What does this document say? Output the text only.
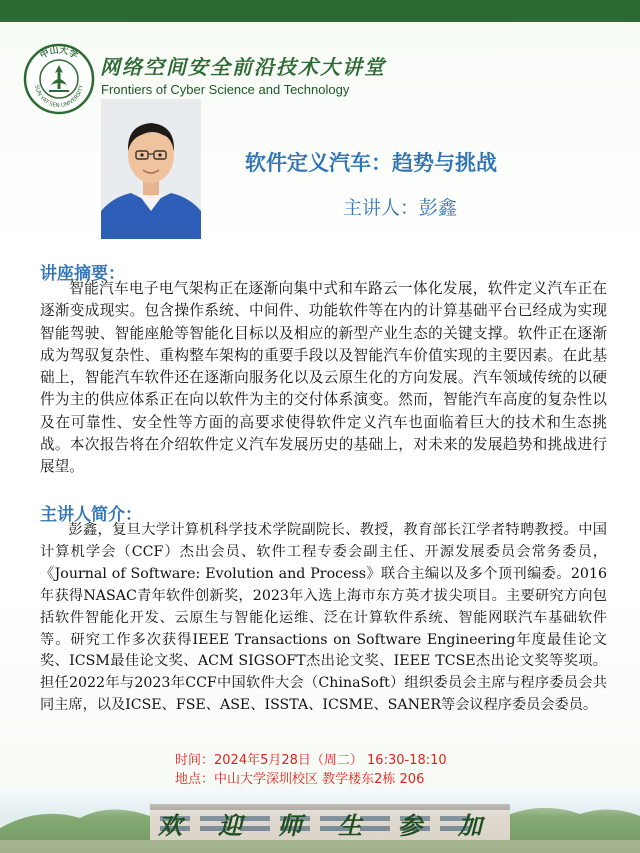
中山大学
SUN YAT-SEN UNIVERSITY
网络空间安全前沿技术大讲堂
Frontiers of Cyber Science and Technology
软件定义汽车：趋势与挑战
主讲人：彭鑫
讲座摘要：
智能汽车电子电气架构正在逐渐向集中式和车路云一体化发展，软件定义汽车正在逐渐变成现实。包含操作系统、中间件、功能软件等在内的计算基础平台已经成为实现智能驾驶、智能座舱等智能化目标以及相应的新型产业生态的关键支撑。软件正在逐渐成为驾驭复杂性、重构整车架构的重要手段以及智能汽车价值实现的主要因素。在此基础上，智能汽车软件还在逐渐向服务化以及云原生化的方向发展。汽车领域传统的以硬件为主的供应体系正在向以软件为主的交付体系演变。然而，智能汽车高度的复杂性以及在可靠性、安全性等方面的高要求使得软件定义汽车也面临着巨大的技术和生态挑战。本次报告将在介绍软件定义汽车发展历史的基础上，对未来的发展趋势和挑战进行展望。
主讲人简介：
彭鑫，复旦大学计算机科学技术学院副院长、教授，教育部长江学者特聘教授。中国计算机学会（CCF）杰出会员、软件工程专委会副主任、开源发展委员会常务委员，《Journal of Software: Evolution and Process》联合主编以及多个顶刊编委。2016年获得NASAC青年软件创新奖，2023年入选上海市东方英才拔尖项目。主要研究方向包括软件智能化开发、云原生与智能化运维、泛在计算软件系统、智能网联汽车基础软件等。研究工作多次获得IEEE Transactions on Software Engineering年度最佳论文奖、ICSM最佳论文奖、ACM SIGSOFT杰出论文奖、IEEE TCSE杰出论文奖等奖项。担任2022年与2023年CCF中国软件大会（ChinaSoft）组织委员会主席与程序委员会共同主席，以及ICSE、FSE、ASE、ISSTA、ICSME、SANER等会议程序委员会委员。
时间：2024年5月28日（周二） 16:30-18:10
地点：中山大学深圳校区 教学楼东2栋 206
欢迎师生参加
